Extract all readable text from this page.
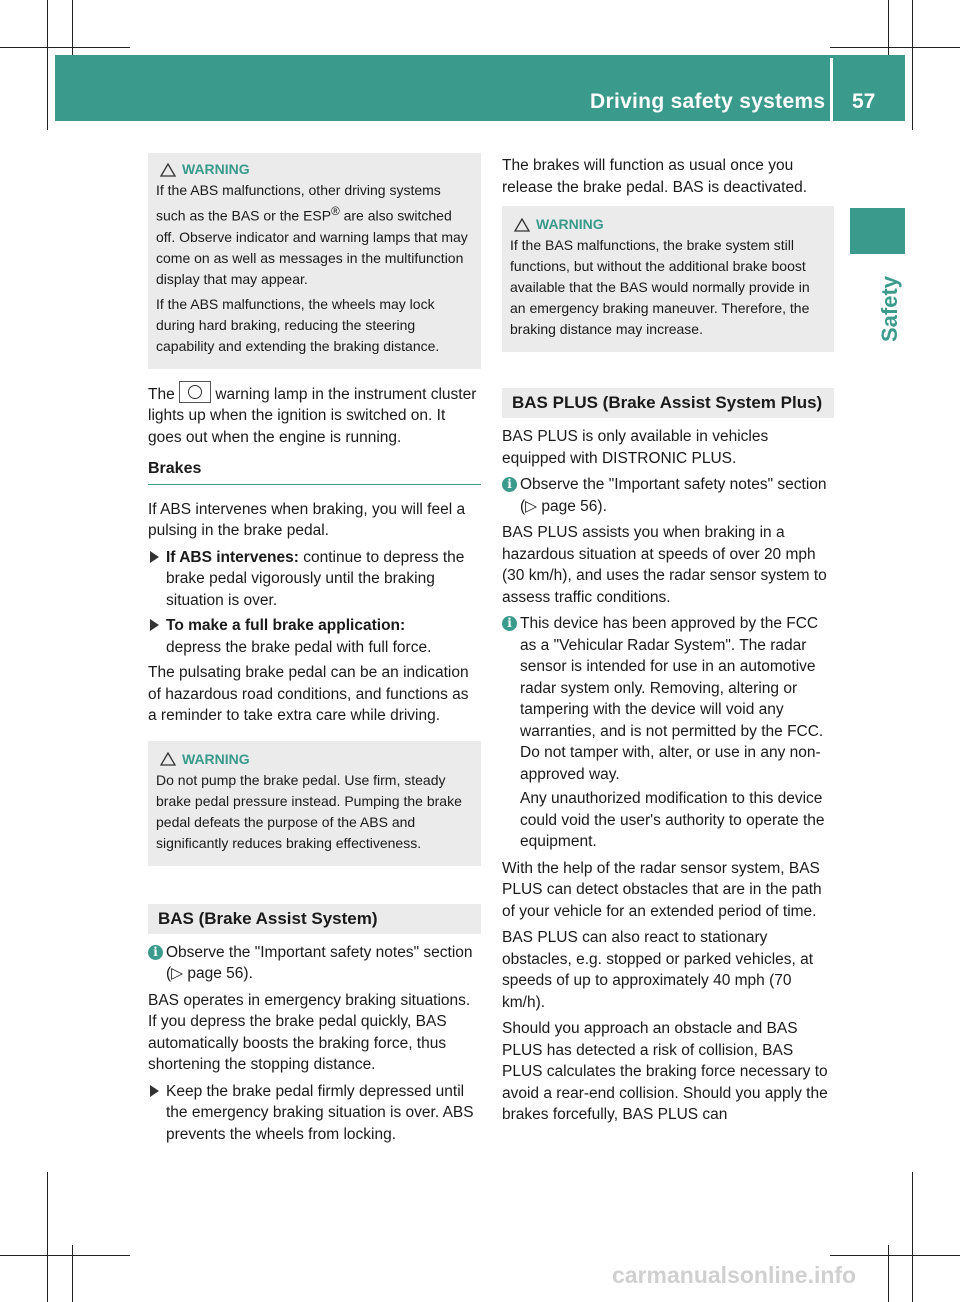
Driving safety systems 57
Safety
WARNING

If the ABS malfunctions, other driving systems such as the BAS or the ESP® are also switched off. Observe indicator and warning lamps that may come on as well as messages in the multifunction display that may appear.

If the ABS malfunctions, the wheels may lock during hard braking, reducing the steering capability and extending the braking distance.

The  warning lamp in the instrument cluster lights up when the ignition is switched on. It goes out when the engine is running.

Brakes

If ABS intervenes when braking, you will feel a pulsing in the brake pedal.

If ABS intervenes: continue to depress the brake pedal vigorously until the braking situation is over.
To make a full brake application:
depress the brake pedal with full force.

The pulsating brake pedal can be an indication of hazardous road conditions, and functions as a reminder to take extra care while driving.

WARNING

Do not pump the brake pedal. Use firm, steady brake pedal pressure instead. Pumping the brake pedal defeats the purpose of the ABS and significantly reduces braking effectiveness.

BAS (Brake Assist System)
i Observe the "Important safety notes" section (▷ page 56).

BAS operates in emergency braking situations. If you depress the brake pedal quickly, BAS automatically boosts the braking force, thus shortening the stopping distance.

Keep the brake pedal firmly depressed until the emergency braking situation is over. ABS prevents the wheels from locking.

The brakes will function as usual once you release the brake pedal. BAS is deactivated.

WARNING

If the BAS malfunctions, the brake system still functions, but without the additional brake boost available that the BAS would normally provide in an emergency braking maneuver. Therefore, the braking distance may increase.

BAS PLUS (Brake Assist System Plus)

BAS PLUS is only available in vehicles equipped with DISTRONIC PLUS.

i Observe the "Important safety notes" section (▷ page 56).

BAS PLUS assists you when braking in a hazardous situation at speeds of over 20 mph (30 km/h), and uses the radar sensor system to assess traffic conditions.

i This device has been approved by the FCC as a "Vehicular Radar System". The radar sensor is intended for use in an automotive radar system only. Removing, altering or tampering with the device will void any warranties, and is not permitted by the FCC. Do not tamper with, alter, or use in any non-approved way.

Any unauthorized modification to this device could void the user's authority to operate the equipment.

With the help of the radar sensor system, BAS PLUS can detect obstacles that are in the path of your vehicle for an extended period of time.

BAS PLUS can also react to stationary obstacles, e.g. stopped or parked vehicles, at speeds of up to approximately 40 mph (70 km/h).

Should you approach an obstacle and BAS PLUS has detected a risk of collision, BAS PLUS calculates the braking force necessary to avoid a rear-end collision. Should you apply the brakes forcefully, BAS PLUS can

carmanualsonline.info
